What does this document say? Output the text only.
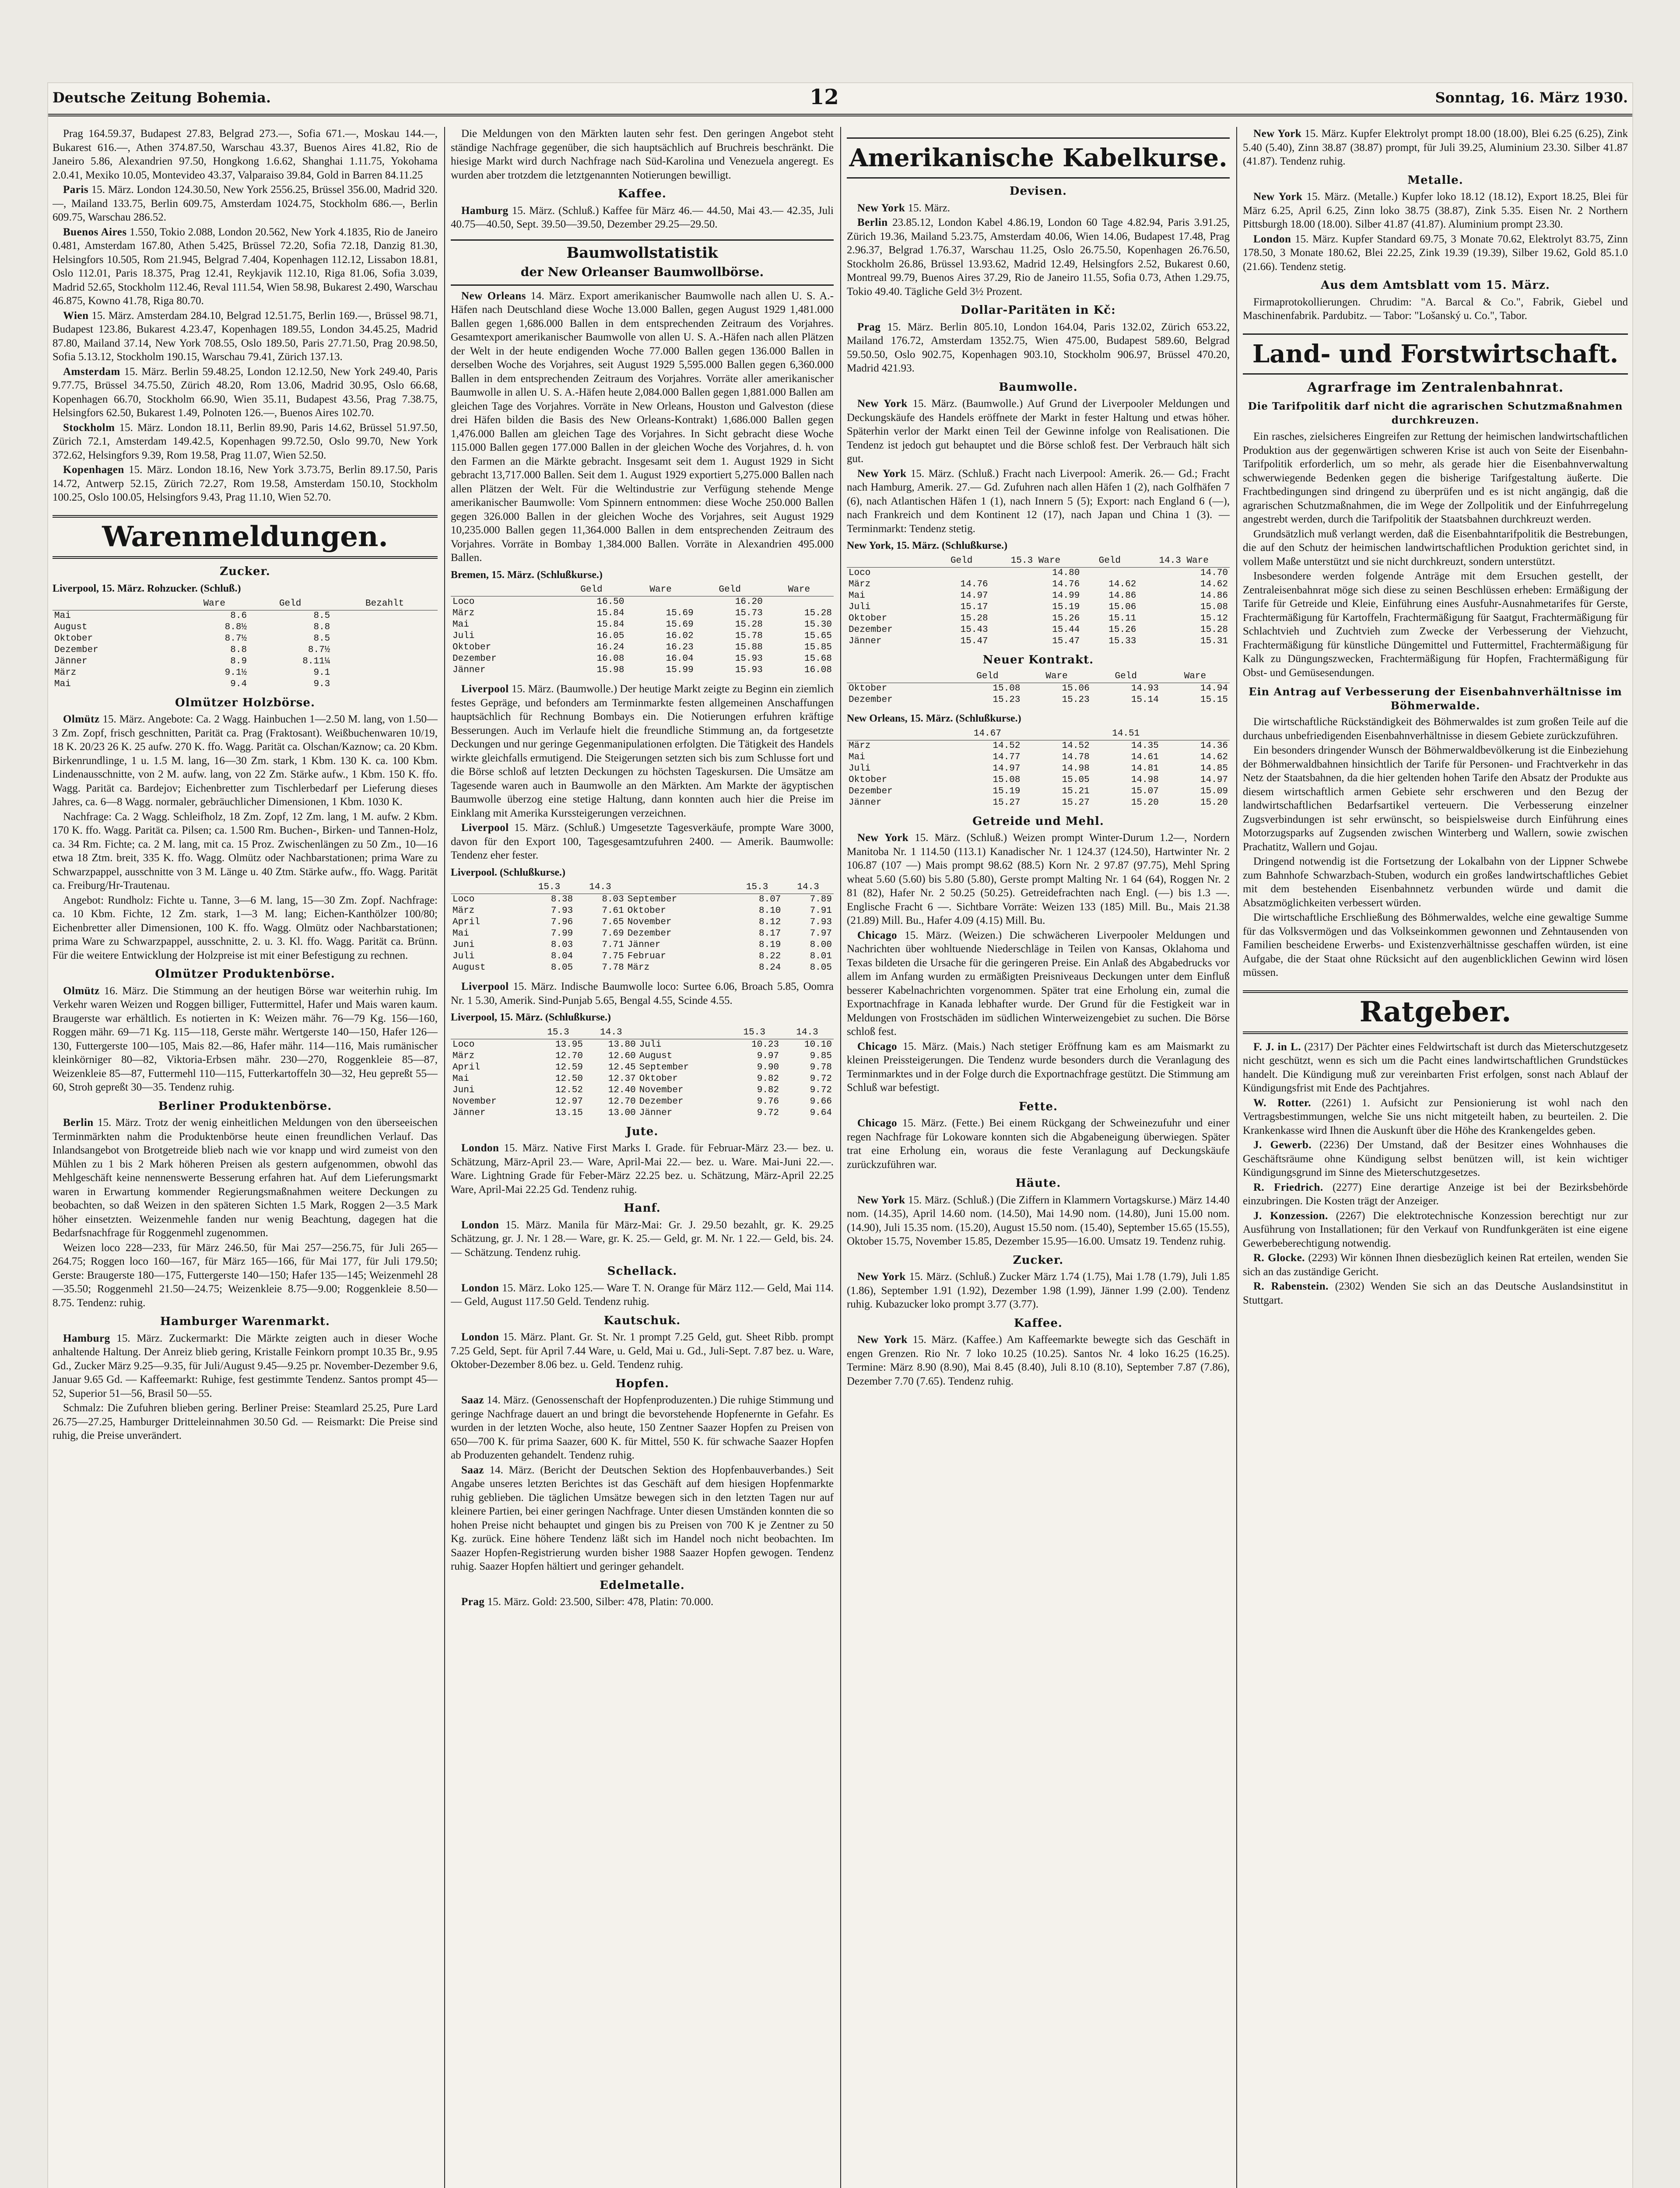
Deutsche Zeitung Bohemia.	12	Sonntag, 16. März 1930.

Prag 164.59.37, Budapest 27.83, Belgrad 273.—, Sofia 671.—, Moskau 144.—, Bukarest 616.—, Athen 374.87.50, Warschau 43.37, Buenos Aires 41.82, Rio de Janeiro 5.86, Alexandrien 97.50, Hongkong 1.6.62, Shanghai 1.11.75, Yokohama 2.0.41, Mexiko 10.05, Montevideo 43.37, Valparaiso 39.84, Gold in Barren 84.11.25

Paris 15. März. London 124.30.50, New York 2556.25, Brüssel 356.00, Madrid 320.—, Mailand 133.75, Berlin 609.75, Amsterdam 1024.75, Stockholm 686.—, Berlin 609.75, Warschau 286.52.

Buenos Aires 1.550, Tokio 2.088, London 20.562, New York 4.1835, Rio de Janeiro 0.481, Amsterdam 167.80, Athen 5.425, Brüssel 72.20, Sofia 72.18, Danzig 81.30, Helsingfors 10.505, Rom 21.945, Belgrad 7.404, Kopenhagen 112.12, Lissabon 18.81, Oslo 112.01, Paris 18.375, Prag 12.41, Reykjavik 112.10, Riga 81.06, Sofia 3.039, Madrid 52.65, Stockholm 112.46, Reval 111.54, Wien 58.98, Bukarest 2.490, Warschau 46.875, Kowno 41.78, Riga 80.70.

Wien 15. März. Amsterdam 284.10, Belgrad 12.51.75, Berlin 169.—, Brüssel 98.71, Budapest 123.86, Bukarest 4.23.47, Kopenhagen 189.55, London 34.45.25, Madrid 87.80, Mailand 37.14, New York 708.55, Oslo 189.50, Paris 27.71.50, Prag 20.98.50, Sofia 5.13.12, Stockholm 190.15, Warschau 79.41, Zürich 137.13.

Amsterdam 15. März. Berlin 59.48.25, London 12.12.50, New York 249.40, Paris 9.77.75, Brüssel 34.75.50, Zürich 48.20, Rom 13.06, Madrid 30.95, Oslo 66.68, Kopenhagen 66.70, Stockholm 66.90, Wien 35.11, Budapest 43.56, Prag 7.38.75, Helsingfors 62.50, Bukarest 1.49, Polnoten 126.—, Buenos Aires 102.70.

Stockholm 15. März. London 18.11, Berlin 89.90, Paris 14.62, Brüssel 51.97.50, Zürich 72.1, Amsterdam 149.42.5, Kopenhagen 99.72.50, Oslo 99.70, New York 372.62, Helsingfors 9.39, Rom 19.58, Prag 11.07, Wien 52.50.

Kopenhagen 15. März. London 18.16, New York 3.73.75, Berlin 89.17.50, Paris 14.72, Antwerp 52.15, Zürich 72.27, Rom 19.58, Amsterdam 150.10, Stockholm 100.25, Oslo 100.05, Helsingfors 9.43, Prag 11.10, Wien 52.70.

Warenmeldungen.
Zucker.
Liverpool, 15. März. Rohzucker. (Schluß.)
	Ware	Geld	Bezahlt
Mai	8.6	8.5	
August	8.8½	8.8	
Oktober	8.7½	8.5	
Dezember	8.8	8.7½	
Jänner	8.9	8.11¼	
März	9.1½	9.1	
Mai	9.4	9.3	
Olmützer Holzbörse.

Olmütz 15. März. Angebote: Ca. 2 Wagg. Hainbuchen 1—2.50 M. lang, von 1.50—3 Zm. Zopf, frisch geschnitten, Parität ca. Prag (Fraktosant). Weißbuchenwaren 10/19, 18 K. 20/23 26 K. 25 aufw. 270 K. ffo. Wagg. Parität ca. Olschan/Kaznow; ca. 20 Kbm. Birkenrundlinge, 1 u. 1.5 M. lang, 16—30 Zm. stark, 1 Kbm. 130 K. ca. 100 Kbm. Lindenausschnitte, von 2 M. aufw. lang, von 22 Zm. Stärke aufw., 1 Kbm. 150 K. ffo. Wagg. Parität ca. Bardejov; Eichenbretter zum Tischlerbedarf per Lieferung dieses Jahres, ca. 6—8 Wagg. normaler, gebräuchlicher Dimensionen, 1 Kbm. 1030 K.

Nachfrage: Ca. 2 Wagg. Schleifholz, 18 Zm. Zopf, 12 Zm. lang, 1 M. aufw. 2 Kbm. 170 K. ffo. Wagg. Parität ca. Pilsen; ca. 1.500 Rm. Buchen-, Birken- und Tannen-Holz, ca. 34 Rm. Fichte; ca. 2 M. lang, mit ca. 15 Proz. Zwischenlängen zu 50 Zm., 10—16 etwa 18 Ztm. breit, 335 K. ffo. Wagg. Olmütz oder Nachbarstationen; prima Ware zu Schwarzpappel, ausschnitte von 3 M. Länge u. 40 Ztm. Stärke aufw., ffo. Wagg. Parität ca. Freiburg/Hr-Trautenau.

Angebot: Rundholz: Fichte u. Tanne, 3—6 M. lang, 15—30 Zm. Zopf. Nachfrage: ca. 10 Kbm. Fichte, 12 Zm. stark, 1—3 M. lang; Eichen-Kanthölzer 100/80; Eichenbretter aller Dimensionen, 100 K. ffo. Wagg. Olmütz oder Nachbarstationen; prima Ware zu Schwarzpappel, ausschnitte, 2. u. 3. Kl. ffo. Wagg. Parität ca. Brünn. Für die weitere Entwicklung der Holzpreise ist mit einer Befestigung zu rechnen.

Olmützer Produktenbörse.

Olmütz 16. März. Die Stimmung an der heutigen Börse war weiterhin ruhig. Im Verkehr waren Weizen und Roggen billiger, Futtermittel, Hafer und Mais waren kaum. Braugerste war erhältlich. Es notierten in K: Weizen mähr. 76—79 Kg. 156—160, Roggen mähr. 69—71 Kg. 115—118, Gerste mähr. Wertgerste 140—150, Hafer 126—130, Futtergerste 100—105, Mais 82.—86, Hafer mähr. 114—116, Mais rumänischer kleinkörniger 80—82, Viktoria-Erbsen mähr. 230—270, Roggenkleie 85—87, Weizenkleie 85—87, Futtermehl 110—115, Futterkartoffeln 30—32, Heu gepreßt 55—60, Stroh gepreßt 30—35. Tendenz ruhig.

Berliner Produktenbörse.

Berlin 15. März. Trotz der wenig einheitlichen Meldungen von den überseeischen Terminmärkten nahm die Produktenbörse heute einen freundlichen Verlauf. Das Inlandsangebot von Brotgetreide blieb nach wie vor knapp und wird zumeist von den Mühlen zu 1 bis 2 Mark höheren Preisen als gestern aufgenommen, obwohl das Mehlgeschäft keine nennenswerte Besserung erfahren hat. Auf dem Lieferungsmarkt waren in Erwartung kommender Regierungsmaßnahmen weitere Deckungen zu beobachten, so daß Weizen in den späteren Sichten 1.5 Mark, Roggen 2—3.5 Mark höher einsetzten. Weizenmehle fanden nur wenig Beachtung, dagegen hat die Bedarfsnachfrage für Roggenmehl zugenommen.

Weizen loco 228—233, für März 246.50, für Mai 257—256.75, für Juli 265—264.75; Roggen loco 160—167, für März 165—166, für Mai 177, für Juli 179.50; Gerste: Braugerste 180—175, Futtergerste 140—150; Hafer 135—145; Weizenmehl 28—35.50; Roggenmehl 21.50—24.75; Weizenkleie 8.75—9.00; Roggenkleie 8.50—8.75. Tendenz: ruhig.

Hamburger Warenmarkt.

Hamburg 15. März. Zuckermarkt: Die Märkte zeigten auch in dieser Woche anhaltende Haltung. Der Anreiz blieb gering, Kristalle Feinkorn prompt 10.35 Br., 9.95 Gd., Zucker März 9.25—9.35, für Juli/August 9.45—9.25 pr. November-Dezember 9.6, Januar 9.65 Gd. — Kaffeemarkt: Ruhige, fest gestimmte Tendenz. Santos prompt 45—52, Superior 51—56, Brasil 50—55.

Schmalz: Die Zufuhren blieben gering. Berliner Preise: Steamlard 25.25, Pure Lard 26.75—27.25, Hamburger Dritteleinnahmen 30.50 Gd. — Reismarkt: Die Preise sind ruhig, die Preise unverändert.

Die Meldungen von den Märkten lauten sehr fest. Den geringen Angebot steht ständige Nachfrage gegenüber, die sich hauptsächlich auf Bruchreis beschränkt. Die hiesige Markt wird durch Nachfrage nach Süd-Karolina und Venezuela angeregt. Es wurden aber trotzdem die letztgenannten Notierungen bewilligt.

Kaffee.

Hamburg 15. März. (Schluß.) Kaffee für März 46.— 44.50, Mai 43.— 42.35, Juli 40.75—40.50, Sept. 39.50—39.50, Dezember 29.25—29.50.

Baumwollstatistik
der New Orleanser Baumwollbörse.

New Orleans 14. März. Export amerikanischer Baumwolle nach allen U. S. A.-Häfen nach Deutschland diese Woche 13.000 Ballen, gegen August 1929 1,481.000 Ballen gegen 1,686.000 Ballen in dem entsprechenden Zeitraum des Vorjahres. Gesamtexport amerikanischer Baumwolle von allen U. S. A.-Häfen nach allen Plätzen der Welt in der heute endigenden Woche 77.000 Ballen gegen 136.000 Ballen in derselben Woche des Vorjahres, seit August 1929 5,595.000 Ballen gegen 6,360.000 Ballen in dem entsprechenden Zeitraum des Vorjahres. Vorräte aller amerikanischer Baumwolle in allen U. S. A.-Häfen heute 2,084.000 Ballen gegen 1,881.000 Ballen am gleichen Tage des Vorjahres. Vorräte in New Orleans, Houston und Galveston (diese drei Häfen bilden die Basis des New Orleans-Kontrakt) 1,686.000 Ballen gegen 1,476.000 Ballen am gleichen Tage des Vorjahres. In Sicht gebracht diese Woche 115.000 Ballen gegen 177.000 Ballen in der gleichen Woche des Vorjahres, d. h. von den Farmen an die Märkte gebracht. Insgesamt seit dem 1. August 1929 in Sicht gebracht 13,717.000 Ballen. Seit dem 1. August 1929 exportiert 5,275.000 Ballen nach allen Plätzen der Welt. Für die Weltindustrie zur Verfügung stehende Menge amerikanischer Baumwolle: Vom Spinnern entnommen: diese Woche 250.000 Ballen gegen 326.000 Ballen in der gleichen Woche des Vorjahres, seit August 1929 10,235.000 Ballen gegen 11,364.000 Ballen in dem entsprechenden Zeitraum des Vorjahres. Vorräte in Bombay 1,384.000 Ballen. Vorräte in Alexandrien 495.000 Ballen.

Bremen, 15. März. (Schlußkurse.)
	Geld	Ware	Geld	Ware
Loco	16.50		16.20	
März	15.84	15.69	15.73	15.28
Mai	15.84	15.69	15.28	15.30
Juli	16.05	16.02	15.78	15.65
Oktober	16.24	16.23	15.88	15.85
Dezember	16.08	16.04	15.93	15.68
Jänner	15.98	15.99	15.93	16.08

Liverpool 15. März. (Baumwolle.) Der heutige Markt zeigte zu Beginn ein ziemlich festes Gepräge, und befonders am Terminmarkte festen allgemeinen Anschaffungen hauptsächlich für Rechnung Bombays ein. Die Notierungen erfuhren kräftige Besserungen. Auch im Verlaufe hielt die freundliche Stimmung an, da fortgesetzte Deckungen und nur geringe Gegenmanipulationen erfolgten. Die Tätigkeit des Handels wirkte gleichfalls ermutigend. Die Steigerungen setzten sich bis zum Schlusse fort und die Börse schloß auf letzten Deckungen zu höchsten Tageskursen. Die Umsätze am Tagesende waren auch in Baumwolle an den Märkten. Am Markte der ägyptischen Baumwolle überzog eine stetige Haltung, dann konnten auch hier die Preise im Einklang mit Amerika Kurssteigerungen verzeichnen.

Liverpool 15. März. (Schluß.) Umgesetzte Tagesverkäufe, prompte Ware 3000, davon für den Export 100, Tagesgesamtzufuhren 2400. — Amerik. Baumwolle: Tendenz eher fester.

Liverpool. (Schlußkurse.)
	15.3	14.3		15.3	14.3
Loco	8.38	8.03	September	8.07	7.89
März	7.93	7.61	Oktober	8.10	7.91
April	7.96	7.65	November	8.12	7.93
Mai	7.99	7.69	Dezember	8.17	7.97
Juni	8.03	7.71	Jänner	8.19	8.00
Juli	8.04	7.75	Februar	8.22	8.01
August	8.05	7.78	März	8.24	8.05

Liverpool 15. März. Indische Baumwolle loco: Surtee 6.06, Broach 5.85, Oomra Nr. 1 5.30, Amerik. Sind-Punjab 5.65, Bengal 4.55, Scinde 4.55.

Liverpool, 15. März. (Schlußkurse.)
	15.3	14.3		15.3	14.3
Loco	13.95	13.80	Juli	10.23	10.10
März	12.70	12.60	August	9.97	9.85
April	12.59	12.45	September	9.90	9.78
Mai	12.50	12.37	Oktober	9.82	9.72
Juni	12.52	12.40	November	9.82	9.72
November	12.97	12.70	Dezember	9.76	9.66
Jänner	13.15	13.00	Jänner	9.72	9.64
Jute.

London 15. März. Native First Marks I. Grade. für Februar-März 23.— bez. u. Schätzung, März-April 23.— Ware, April-Mai 22.— bez. u. Ware. Mai-Juni 22.—. Ware. Lightning Grade für Feber-März 22.25 bez. u. Schätzung, März-April 22.25 Ware, April-Mai 22.25 Gd. Tendenz ruhig.

Hanf.

London 15. März. Manila für März-Mai: Gr. J. 29.50 bezahlt, gr. K. 29.25 Schätzung, gr. J. Nr. 1 28.— Ware, gr. K. 25.— Geld, gr. M. Nr. 1 22.— Geld, bis. 24.— Schätzung. Tendenz ruhig.

Schellack.

London 15. März. Loko 125.— Ware T. N. Orange für März 112.— Geld, Mai 114.— Geld, August 117.50 Geld. Tendenz ruhig.

Kautschuk.

London 15. März. Plant. Gr. St. Nr. 1 prompt 7.25 Geld, gut. Sheet Ribb. prompt 7.25 Geld, Sept. für April 7.44 Ware, u. Geld, Mai u. Gd., Juli-Sept. 7.87 bez. u. Ware, Oktober-Dezember 8.06 bez. u. Geld. Tendenz ruhig.

Hopfen.

Saaz 14. März. (Genossenschaft der Hopfenproduzenten.) Die ruhige Stimmung und geringe Nachfrage dauert an und bringt die bevorstehende Hopfenernte in Gefahr. Es wurden in der letzten Woche, also heute, 150 Zentner Saazer Hopfen zu Preisen von 650—700 K. für prima Saazer, 600 K. für Mittel, 550 K. für schwache Saazer Hopfen ab Produzenten gehandelt. Tendenz ruhig.

Saaz 14. März. (Bericht der Deutschen Sektion des Hopfenbauverbandes.) Seit Angabe unseres letzten Berichtes ist das Geschäft auf dem hiesigen Hopfenmarkte ruhig geblieben. Die täglichen Umsätze bewegen sich in den letzten Tagen nur auf kleinere Partien, bei einer geringen Nachfrage. Unter diesen Umständen konnten die so hohen Preise nicht behauptet und gingen bis zu Preisen von 700 K je Zentner zu 50 Kg. zurück. Eine höhere Tendenz läßt sich im Handel noch nicht beobachten. Im Saazer Hopfen-Registrierung wurden bisher 1988 Saazer Hopfen gewogen. Tendenz ruhig. Saazer Hopfen hältiert und geringer gehandelt.

Edelmetalle.

Prag 15. März. Gold: 23.500, Silber: 478, Platin: 70.000.

Amerikanische Kabelkurse.
Devisen.

New York 15. März.

Berlin 23.85.12, London Kabel 4.86.19, London 60 Tage 4.82.94, Paris 3.91.25, Zürich 19.36, Mailand 5.23.75, Amsterdam 40.06, Wien 14.06, Budapest 17.48, Prag 2.96.37, Belgrad 1.76.37, Warschau 11.25, Oslo 26.75.50, Kopenhagen 26.76.50, Stockholm 26.86, Brüssel 13.93.62, Madrid 12.49, Helsingfors 2.52, Bukarest 0.60, Montreal 99.79, Buenos Aires 37.29, Rio de Janeiro 11.55, Sofia 0.73, Athen 1.29.75, Tokio 49.40. Tägliche Geld 3½ Prozent.

Dollar-Paritäten in Kč:

Prag 15. März. Berlin 805.10, London 164.04, Paris 132.02, Zürich 653.22, Mailand 176.72, Amsterdam 1352.75, Wien 475.00, Budapest 589.60, Belgrad 59.50.50, Oslo 902.75, Kopenhagen 903.10, Stockholm 906.97, Brüssel 470.20, Madrid 421.93.

Baumwolle.

New York 15. März. (Baumwolle.) Auf Grund der Liverpooler Meldungen und Deckungskäufe des Handels eröffnete der Markt in fester Haltung und etwas höher. Späterhin verlor der Markt einen Teil der Gewinne infolge von Realisationen. Die Tendenz ist jedoch gut behauptet und die Börse schloß fest. Der Verbrauch hält sich gut.

New York 15. März. (Schluß.) Fracht nach Liverpool: Amerik. 26.— Gd.; Fracht nach Hamburg, Amerik. 27.— Gd. Zufuhren nach allen Häfen 1 (2), nach Golfhäfen 7 (6), nach Atlantischen Häfen 1 (1), nach Innern 5 (5); Export: nach England 6 (—), nach Frankreich und dem Kontinent 12 (17), nach Japan und China 1 (3). — Terminmarkt: Tendenz stetig.

New York, 15. März. (Schlußkurse.)
	Geld	15.3 Ware	Geld	14.3 Ware
Loco		14.80		14.70
März	14.76	14.76	14.62	14.62
Mai	14.97	14.99	14.86	14.86
Juli	15.17	15.19	15.06	15.08
Oktober	15.28	15.26	15.11	15.12
Dezember	15.43	15.44	15.26	15.28
Jänner	15.47	15.47	15.33	15.31
Neuer Kontrakt.
	Geld	Ware	Geld	Ware
Oktober	15.08	15.06	14.93	14.94
Dezember	15.23	15.23	15.14	15.15
New Orleans, 15. März. (Schlußkurse.)
	14.67		14.51	
März	14.52	14.52	14.35	14.36
Mai	14.77	14.78	14.61	14.62
Juli	14.97	14.98	14.81	14.85
Oktober	15.08	15.05	14.98	14.97
Dezember	15.19	15.21	15.07	15.09
Jänner	15.27	15.27	15.20	15.20
Getreide und Mehl.

New York 15. März. (Schluß.) Weizen prompt Winter-Durum 1.2—, Nordern Manitoba Nr. 1 114.50 (113.1) Kanadischer Nr. 1 124.37 (124.50), Hartwinter Nr. 2 106.87 (107 —) Mais prompt 98.62 (88.5) Korn Nr. 2 97.87 (97.75), Mehl Spring wheat 5.60 (5.60) bis 5.80 (5.80), Gerste prompt Malting Nr. 1 64 (64), Roggen Nr. 2 81 (82), Hafer Nr. 2 50.25 (50.25). Getreidefrachten nach Engl. (—) bis 1.3 —. Englische Fracht 6 —. Sichtbare Vorräte: Weizen 133 (185) Mill. Bu., Mais 21.38 (21.89) Mill. Bu., Hafer 4.09 (4.15) Mill. Bu.

Chicago 15. März. (Weizen.) Die schwächeren Liverpooler Meldungen und Nachrichten über wohltuende Niederschläge in Teilen von Kansas, Oklahoma und Texas bildeten die Ursache für die geringeren Preise. Ein Anlaß des Abgabedrucks vor allem im Anfang wurden zu ermäßigten Preisniveaus Deckungen unter dem Einfluß besserer Kabelnachrichten vorgenommen. Später trat eine Erholung ein, zumal die Exportnachfrage in Kanada lebhafter wurde. Der Grund für die Festigkeit war in Meldungen von Frostschäden im südlichen Winterweizengebiet zu suchen. Die Börse schloß fest.

Chicago 15. März. (Mais.) Nach stetiger Eröffnung kam es am Maismarkt zu kleinen Preissteigerungen. Die Tendenz wurde besonders durch die Veranlagung des Terminmarktes und in der Folge durch die Exportnachfrage gestützt. Die Stimmung am Schluß war befestigt.

Fette.

Chicago 15. März. (Fette.) Bei einem Rückgang der Schweinezufuhr und einer regen Nachfrage für Lokoware konnten sich die Abgabeneigung überwiegen. Später trat eine Erholung ein, woraus die feste Veranlagung auf Deckungskäufe zurückzuführen war.

Häute.

New York 15. März. (Schluß.) (Die Ziffern in Klammern Vortagskurse.) März 14.40 nom. (14.35), April 14.60 nom. (14.50), Mai 14.90 nom. (14.80), Juni 15.00 nom. (14.90), Juli 15.35 nom. (15.20), August 15.50 nom. (15.40), September 15.65 (15.55), Oktober 15.75, November 15.85, Dezember 15.95—16.00. Umsatz 19. Tendenz ruhig.

Zucker.

New York 15. März. (Schluß.) Zucker März 1.74 (1.75), Mai 1.78 (1.79), Juli 1.85 (1.86), September 1.91 (1.92), Dezember 1.98 (1.99), Jänner 1.99 (2.00). Tendenz ruhig. Kubazucker loko prompt 3.77 (3.77).

Kaffee.

New York 15. März. (Kaffee.) Am Kaffeemarkte bewegte sich das Geschäft in engen Grenzen. Rio Nr. 7 loko 10.25 (10.25). Santos Nr. 4 loko 16.25 (16.25). Termine: März 8.90 (8.90), Mai 8.45 (8.40), Juli 8.10 (8.10), September 7.87 (7.86), Dezember 7.70 (7.65). Tendenz ruhig.

New York 15. März. Kupfer Elektrolyt prompt 18.00 (18.00), Blei 6.25 (6.25), Zink 5.40 (5.40), Zinn 38.87 (38.87) prompt, für Juli 39.25, Aluminium 23.30. Silber 41.87 (41.87). Tendenz ruhig.

Metalle.

New York 15. März. (Metalle.) Kupfer loko 18.12 (18.12), Export 18.25, Blei für März 6.25, April 6.25, Zinn loko 38.75 (38.87), Zink 5.35. Eisen Nr. 2 Northern Pittsburgh 18.00 (18.00). Silber 41.87 (41.87). Aluminium prompt 23.30.

London 15. März. Kupfer Standard 69.75, 3 Monate 70.62, Elektrolyt 83.75, Zinn 178.50, 3 Monate 180.62, Blei 22.25, Zink 19.39 (19.39), Silber 19.62, Gold 85.1.0 (21.66). Tendenz stetig.

Aus dem Amtsblatt vom 15. März.

Firmaprotokollierungen. Chrudim: "A. Barcal & Co.", Fabrik, Giebel und Maschinenfabrik. Pardubitz. — Tabor: "Lošanský u. Co.", Tabor.

Land- und Forstwirtschaft.
Agrarfrage im Zentralenbahnrat.
Die Tarifpolitik darf nicht die agrarischen Schutzmaßnahmen durchkreuzen.

Ein rasches, zielsicheres Eingreifen zur Rettung der heimischen landwirtschaftlichen Produktion aus der gegenwärtigen schweren Krise ist auch von Seite der Eisenbahn-Tarifpolitik erforderlich, um so mehr, als gerade hier die Eisenbahnverwaltung schwerwiegende Bedenken gegen die bisherige Tarifgestaltung äußerte. Die Frachtbedingungen sind dringend zu überprüfen und es ist nicht angängig, daß die agrarischen Schutzmaßnahmen, die im Wege der Zollpolitik und der Einfuhrregelung angestrebt werden, durch die Tarifpolitik der Staatsbahnen durchkreuzt werden.

Grundsätzlich muß verlangt werden, daß die Eisenbahntarifpolitik die Bestrebungen, die auf den Schutz der heimischen landwirtschaftlichen Produktion gerichtet sind, in vollem Maße unterstützt und sie nicht durchkreuzt, sondern unterstützt.

Insbesondere werden folgende Anträge mit dem Ersuchen gestellt, der Zentraleisenbahnrat möge sich diese zu seinen Beschlüssen erheben: Ermäßigung der Tarife für Getreide und Kleie, Einführung eines Ausfuhr-Ausnahmetarifes für Gerste, Frachtermäßigung für Kartoffeln, Frachtermäßigung für Saatgut, Frachtermäßigung für Schlachtvieh und Zuchtvieh zum Zwecke der Verbesserung der Viehzucht, Frachtermäßigung für künstliche Düngemittel und Futtermittel, Frachtermäßigung für Kalk zu Düngungszwecken, Frachtermäßigung für Hopfen, Frachtermäßigung für Obst- und Gemüsesendungen.

Ein Antrag auf Verbesserung der Eisenbahnverhältnisse im Böhmerwalde.

Die wirtschaftliche Rückständigkeit des Böhmerwaldes ist zum großen Teile auf die durchaus unbefriedigenden Eisenbahnverhältnisse in diesem Gebiete zurückzuführen.

Ein besonders dringender Wunsch der Böhmerwaldbevölkerung ist die Einbeziehung der Böhmerwaldbahnen hinsichtlich der Tarife für Personen- und Frachtverkehr in das Netz der Staatsbahnen, da die hier geltenden hohen Tarife den Absatz der Produkte aus diesem wirtschaftlich armen Gebiete sehr erschweren und den Bezug der landwirtschaftlichen Bedarfsartikel verteuern. Die Verbesserung einzelner Zugsverbindungen ist sehr erwünscht, so beispielsweise durch Einführung eines Motorzugsparks auf Zugsenden zwischen Winterberg und Wallern, sowie zwischen Prachatitz, Wallern und Gojau.

Dringend notwendig ist die Fortsetzung der Lokalbahn von der Lippner Schwebe zum Bahnhofe Schwarzbach-Stuben, wodurch ein großes landwirtschaftliches Gebiet mit dem bestehenden Eisenbahnnetz verbunden würde und damit die Absatzmöglichkeiten verbessert würden.

Die wirtschaftliche Erschließung des Böhmerwaldes, welche eine gewaltige Summe für das Volksvermögen und das Volkseinkommen gewonnen und Zehntausenden von Familien bescheidene Erwerbs- und Existenzverhältnisse geschaffen würden, ist eine Aufgabe, die der Staat ohne Rücksicht auf den augenblicklichen Gewinn wird lösen müssen.

Ratgeber.

F. J. in L. (2317) Der Pächter eines Feldwirtschaft ist durch das Mieterschutzgesetz nicht geschützt, wenn es sich um die Pacht eines landwirtschaftlichen Grundstückes handelt. Die Kündigung muß zur vereinbarten Frist erfolgen, sonst nach Ablauf der Kündigungsfrist mit Ende des Pachtjahres.

W. Rotter. (2261) 1. Aufsicht zur Pensionierung ist wohl nach den Vertragsbestimmungen, welche Sie uns nicht mitgeteilt haben, zu beurteilen. 2. Die Krankenkasse wird Ihnen die Auskunft über die Höhe des Krankengeldes geben.

J. Gewerb. (2236) Der Umstand, daß der Besitzer eines Wohnhauses die Geschäftsräume ohne Kündigung selbst benützen will, ist kein wichtiger Kündigungsgrund im Sinne des Mieterschutzgesetzes.

R. Friedrich. (2277) Eine derartige Anzeige ist bei der Bezirksbehörde einzubringen. Die Kosten trägt der Anzeiger.

J. Konzession. (2267) Die elektrotechnische Konzession berechtigt nur zur Ausführung von Installationen; für den Verkauf von Rundfunkgeräten ist eine eigene Gewerbeberechtigung notwendig.

R. Glocke. (2293) Wir können Ihnen diesbezüglich keinen Rat erteilen, wenden Sie sich an das zuständige Gericht.

R. Rabenstein. (2302) Wenden Sie sich an das Deutsche Auslandsinstitut in Stuttgart.
